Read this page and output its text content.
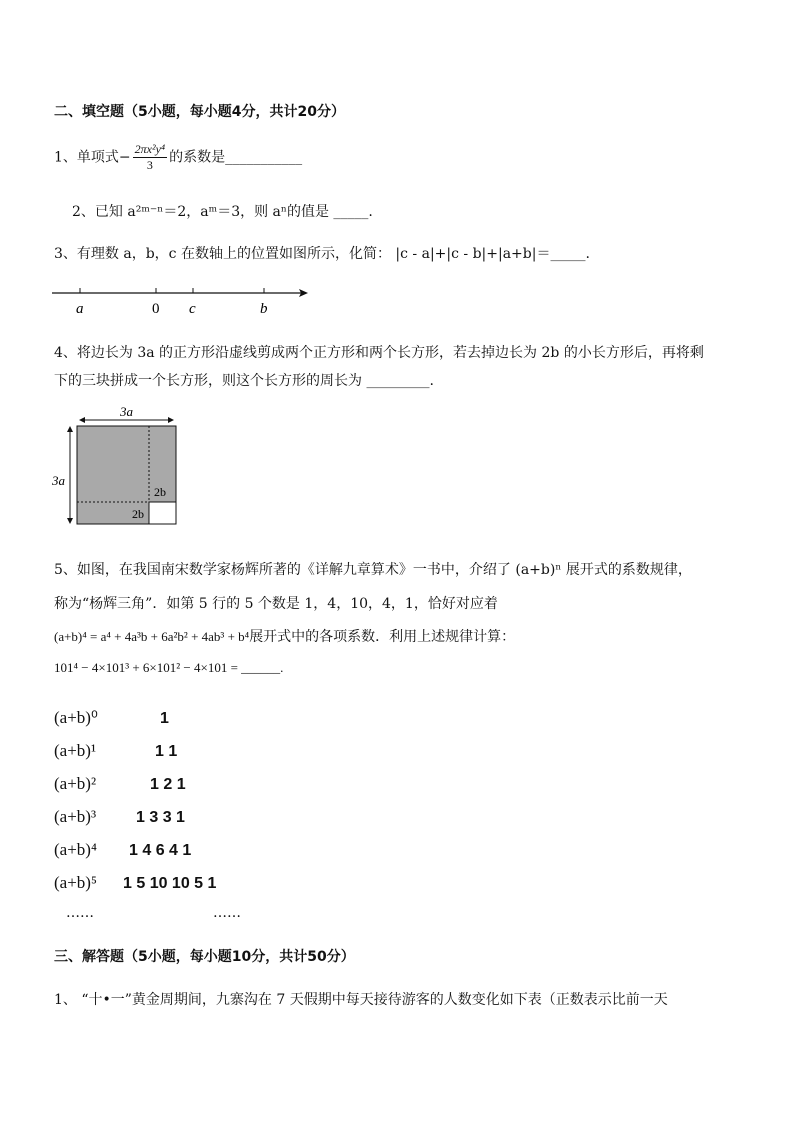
二、填空题（5小题，每小题4分，共计20分）
1、单项式− $\frac{\text{2πx²y⁴}}{3}$ 的系数是___________
2、已知 a²ᵐ⁻ⁿ＝2，aᵐ＝3，则 aⁿ的值是 _____.
3、有理数 a，b，c 在数轴上的位置如图所示，化简： |c - a|+|c - b|+|a+b|＝_____.
a	0 c	b
4、将边长为 3a 的正方形沿虚线剪成两个正方形和两个长方形，若去掉边长为 2b 的小长方形后，再将剩
下的三块拼成一个长方形，则这个长方形的周长为 _________.
3a
3a
2b
2b
5、如图，在我国南宋数学家杨辉所著的《详解九章算术》一书中，介绍了 (a+b)ⁿ 展开式的系数规律，
称为“杨辉三角”．如第 5 行的 5 个数是 1，4，10，4，1，恰好对应着
(a+b)⁴ = a⁴ + 4a³b + 6a²b² + 4ab³ + b⁴展开式中的各项系数．利用上述规律计算：
101⁴ − 4×101³ + 6×101² − 4×101 = ______.
(a+b)⁰	1
(a+b)¹	1 1
(a+b)²	1 2 1
(a+b)³ 1 3 3 1
(a+b)⁴ 1 4 6 4 1
(a+b)⁵ 1 5 10 10 5 1
……	……
三、解答题（5小题，每小题10分，共计50分）
1、 “十•一”黄金周期间，九寨沟在 7 天假期中每天接待游客的人数变化如下表（正数表示比前一天
